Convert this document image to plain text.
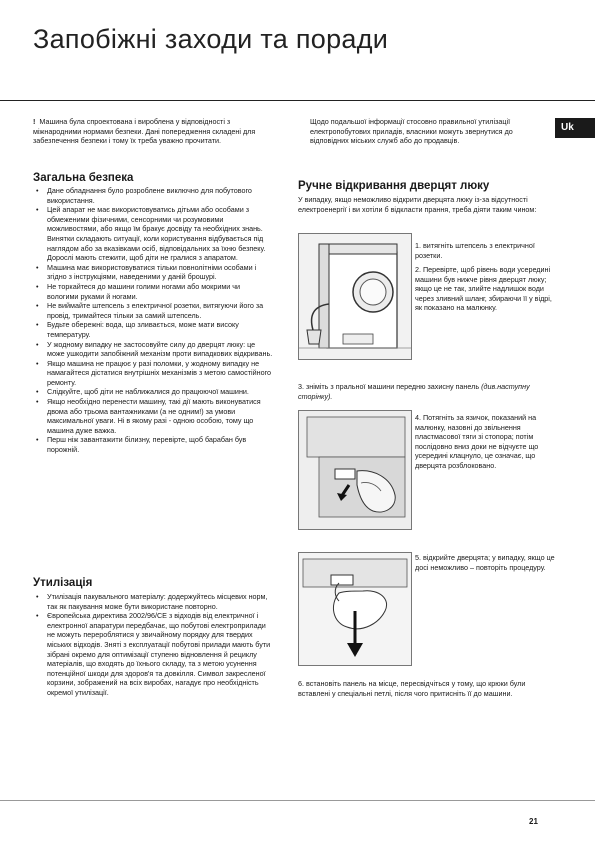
Запобіжні заходи та поради
Uk
! Машина була спроектована і вироблена у відповідності з міжнародними нормами безпеки. Дані попередження складені для забезпечення безпеки і тому їх треба уважно прочитати.
Загальна безпека
• Дане обладнання було розроблене виключно для побутового використання.
• Цей апарат не має використовуватись дітьми або особами з обмеженими фізичними, сенсорними чи розумовими можливостями, або якщо їм бракує досвіду та необхідних знань. Винятки складають ситуації, коли користування відбувається під наглядом або за вказівками осіб, відповідальних за їхню безпеку. Дорослі мають стежити, щоб діти не гралися з апаратом.
• Машина має використовуватися тільки повнолітніми особами і згідно з інструкціями, наведеними у даній брошурі.
• Не торкайтеся до машини голими ногами або мокрими чи вологими руками й ногами.
• Не виймайте штепсель з електричної розетки, витягуючи його за провід, тримайтеся тільки за самий штепсель.
• Будьте обережні: вода, що зливається, може мати високу температуру.
• У жодному випадку не застосовуйте силу до дверцят люку: це може ушкодити запобіжний механізм проти випадкових відкривань.
• Якщо машина не працює у разі поломки, у жодному випадку не намагайтеся дістатися внутрішніх механізмів з метою самостійного ремонту.
• Слідкуйте, щоб діти не наближалися до працюючої машини.
• Якщо необхідно перенести машину, такі дії мають виконуватися двома або трьома вантажниками (а не одним!) за умови максимальної уваги. Ні в якому разі - одною особою, тому що машина дуже важка.
• Перш ніж завантажити білизну, перевірте, щоб барабан був порожній.
Утилізація
• Утилізація пакувального матеріалу: додержуйтесь місцевих норм, так як пакування може бути використане повторно.
• Європейська директива 2002/96/CE з відходів від електричної і електронної апаратури передбачає, що побутові електроприлади не можуть перероблятися у звичайному порядку для твердих міських відходів. Знятi з експлуатації побутові прилади мають бути зібрані окремо для оптимізації ступеню відновлення й рециклу матеріалів, що входять до їхнього складу, та з метою усунення потенційної шкоди для здоров'я та довкілля. Символ закресленої корзини, зображений на всіх виробах, нагадує про необхідність окремої утилізації.
Щодо подальшої інформації стосовно правильної утилізації електропобутових приладів, власники можуть звернутися до відповідних міських служб або до продавців.
Ручне відкривання дверцят люку
У випадку, якщо неможливо відкрити дверцята люку із-за відсутності електроенергії і ви хотіли б відкласти прання, треба діяти таким чином:
1. витягніть штепсель з електричної розетки.
2. Перевірте, щоб рівень води усередині машини був нижче рівня дверцят люку; якщо це не так, злийте надлишок води через зливний шланг, збираючи її у відрі, як показано на малюнку.
3. зніміть з пральної машини передню захисну панель (див.наступну сторінку).
4. Потягніть за язичок, показаний на малюнку, назовні до звільнення пластмасової тяги зі стопора; потім послідовно вниз доки не відчуєте що усередині клацнуло, це означає, що дверцята розблоковано.
5. відкрийте дверцята; у випадку, якщо це досі неможливо – повторіть процедуру.
6. встановіть панель на місце, пересвідчіться у тому, що крюки були вставлені у спеціальні петлі, після чого притисніть її до машини.
21
